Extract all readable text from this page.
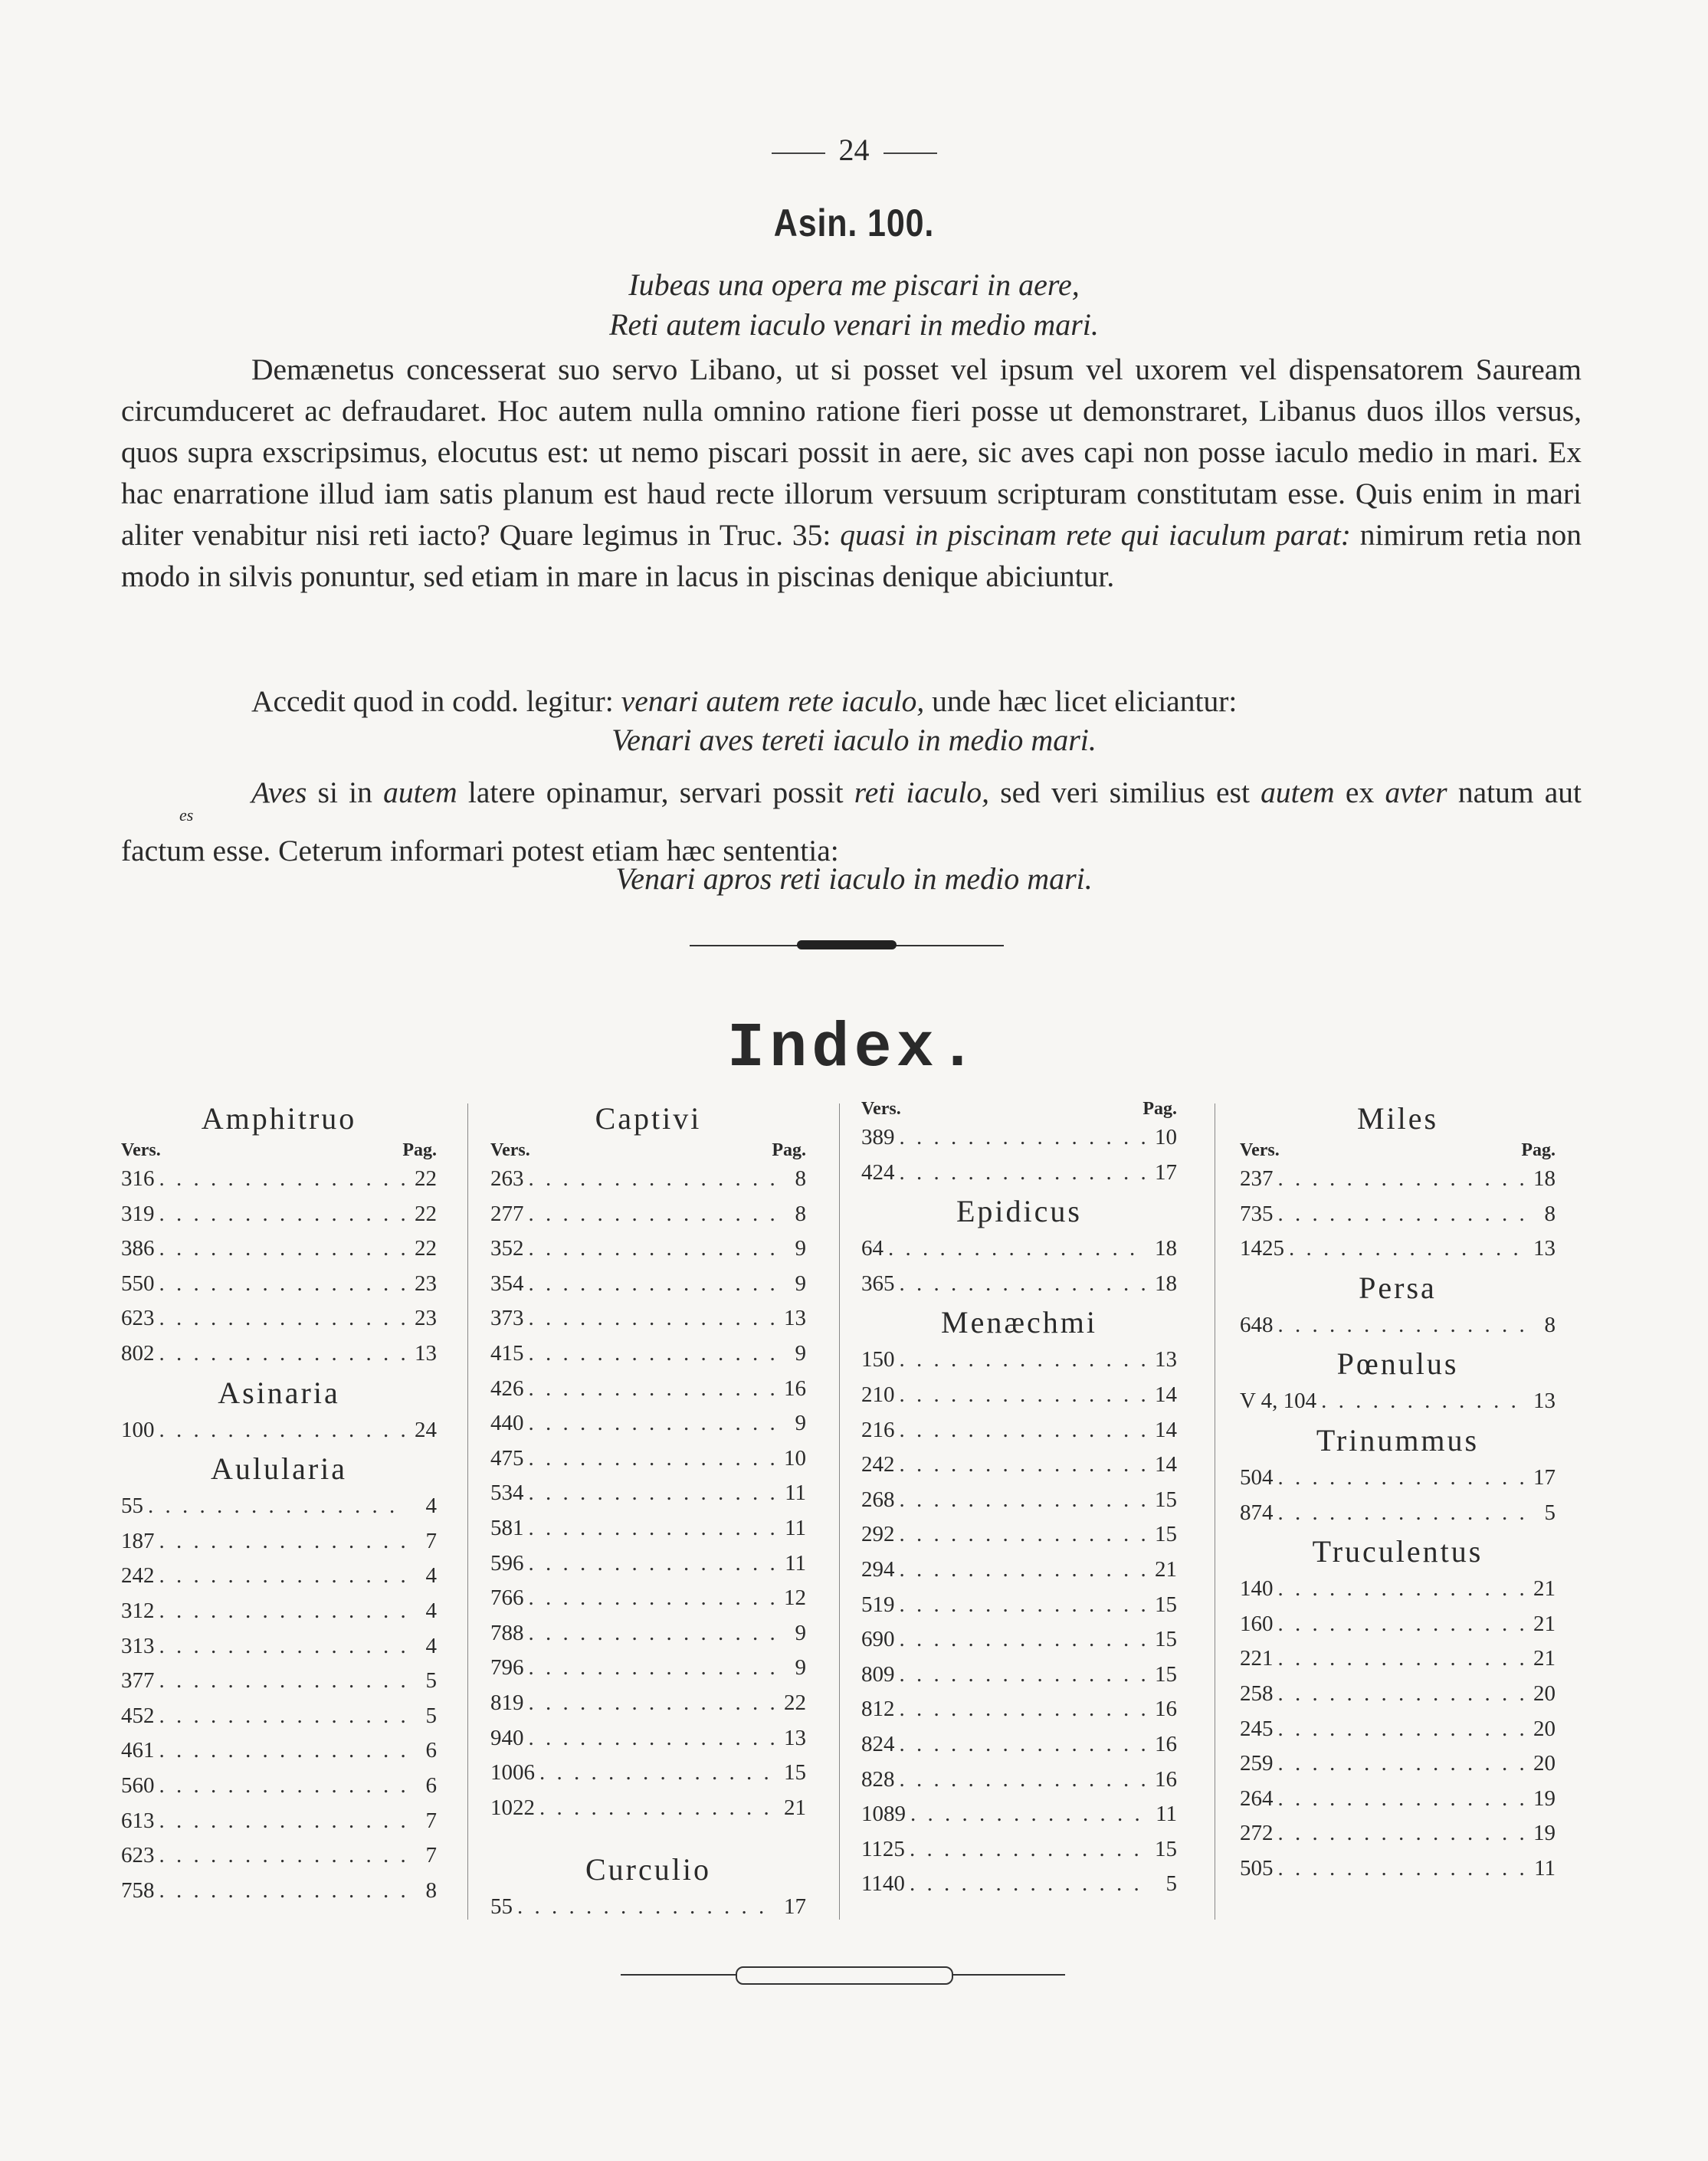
24
Asin. 100.
Iubeas una opera me piscari in aere,
Reti autem iaculo venari in medio mari.

Demænetus concesserat suo servo Libano, ut si posset vel ipsum vel uxorem vel dispensatorem Sauream circumduceret ac defraudaret. Hoc autem nulla omnino ratione fieri posse ut demonstraret, Libanus duos illos versus, quos supra exscripsimus, elocutus est: ut nemo piscari possit in aere, sic aves capi non posse iaculo medio in mari. Ex hac enarratione illud iam satis planum est haud recte illorum versuum scripturam constitutam esse. Quis enim in mari aliter venabitur nisi reti iacto? Quare legimus in Truc. 35: quasi in piscinam rete qui iaculum parat: nimirum retia non modo in silvis ponuntur, sed etiam in mare in lacus in piscinas denique abiciuntur.

Accedit quod in codd. legitur: venari autem rete iaculo, unde hæc licet eliciantur:

Venari aves tereti iaculo in medio mari.

Aves si in autem latere opinamur, servari possit reti iaculo, sed veri similius est autem ex avter natum aut factum esse. Ceterum informari potest etiam hæc sententia:

es
Venari apros reti iaculo in medio mari.
Index.
Amphitruo
Vers.	Pag.
316 . . .	22
319 . . .	22
386 . . .	22
550 . . .	23
623 . . .	23
802 . . .	13
Asinaria
100 . . .	24
Aulularia
55 . . .	4
187 . . .	7
242 . . .	4
312 . . .	4
313 . . .	4
377 . . .	5
452 . . .	5
461 . . .	6
560 . . .	6
613 . . .	7
623 . . .	7
758 . . .	8
Captivi
Vers.	Pag.
263 . . .	8
277 . . .	8
352 . . .	9
354 . . .	9
373 . . .	13
415 . . .	9
426 . . .	16
440 . . .	9
475 . . .	10
534 . . .	11
581 . . .	11
596 . . .	11
766 . . .	12
788 . . .	9
796 . . .	9
819 . . .	22
940 . . .	13
1006 . . .	15
1022 . . .	21
Curculio
55 . . .	17
Vers.	Pag.
389 . . .	10
424 . . .	17
Epidicus
64 . . .	18
365 . . .	18
Menæchmi
150 . . .	13
210 . . .	14
216 . . .	14
242 . . .	14
268 . . .	15
292 . . .	15
294 . . .	21
519 . . .	15
690 . . .	15
809 . . .	15
812 . . .	16
824 . . .	16
828 . . .	16
1089 . . .	11
1125 . . .	15
1140 . . .	5
Miles
Vers.	Pag.
237 . . .	18
735 . . .	8
1425 . . .	13
Persa
648 . . .	8
Pœnulus
V 4, 104 . . .	13
Trinummus
504 . . .	17
874 . . .	5
Truculentus
140 . . .	21
160 . . .	21
221 . . .	21
258 . . .	20
245 . . .	20
259 . . .	20
264 . . .	19
272 . . .	19
505 . . .	11
